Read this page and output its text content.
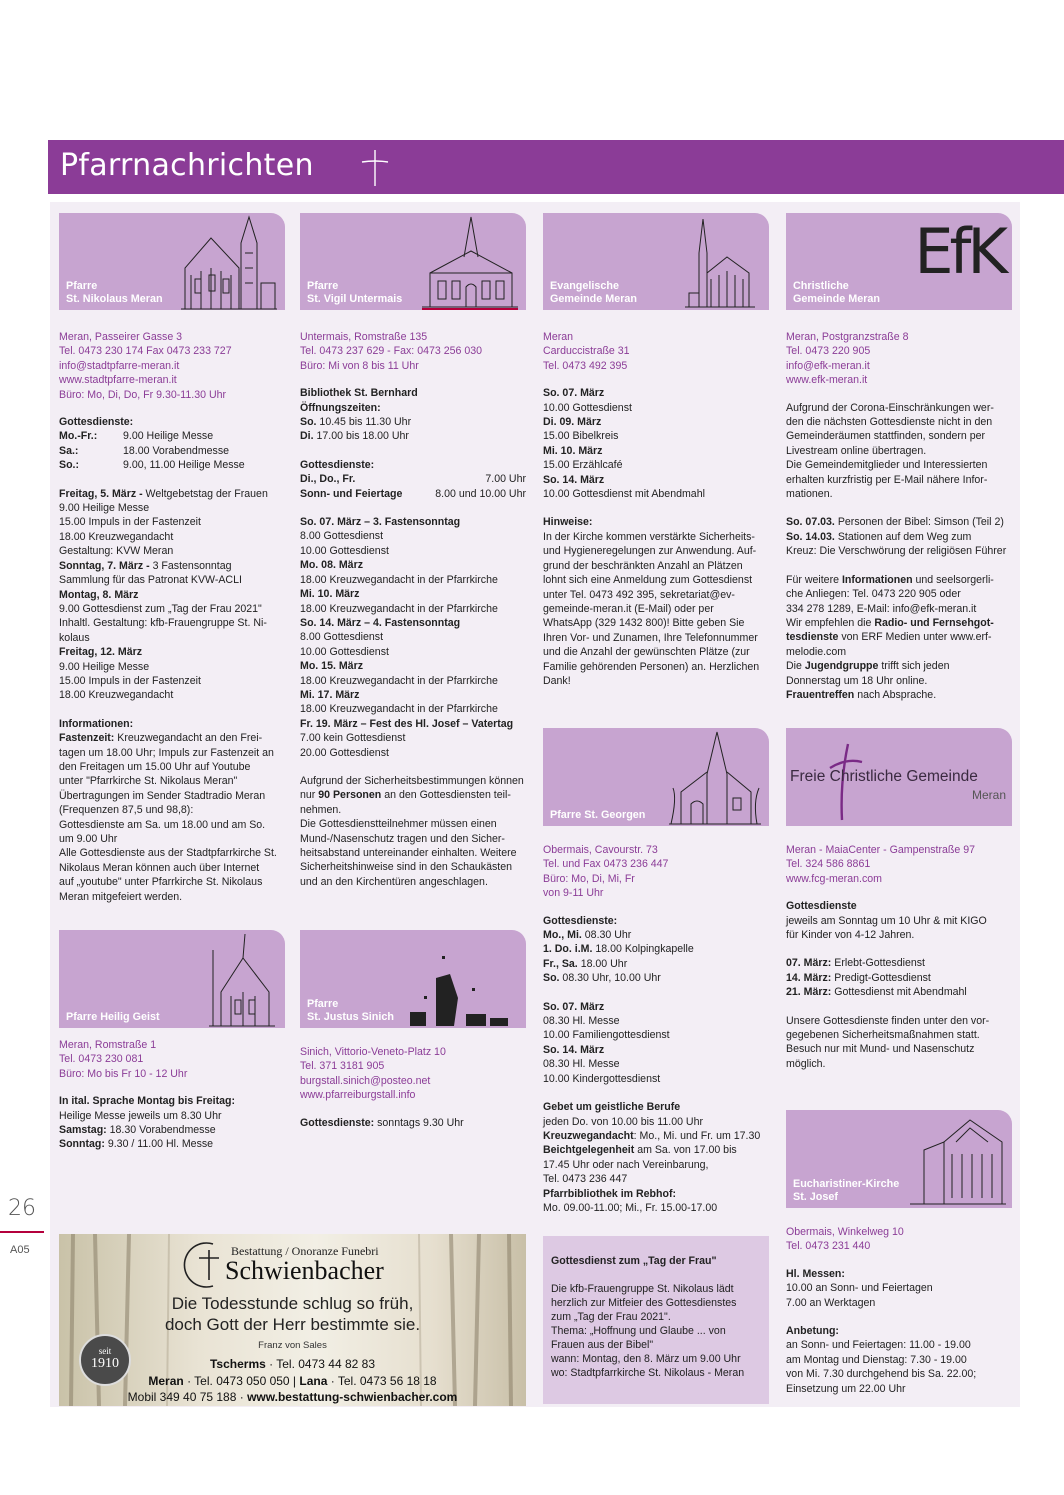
Pfarrnachrichten
Pfarre
St. Nikolaus Meran
Meran, Passeirer Gasse 3
Tel. 0473 230 174 Fax 0473 233 727
info@stadtpfarre-meran.it
www.stadtpfarre-meran.it
Büro: Mo, Di, Do, Fr 9.30-11.30 Uhr
Gottesdienste:
Mo.-Fr.:	9.00 Heilige Messe
Sa.:	18.00 Vorabendmesse
So.:	9.00, 11.00 Heilige Messe
Freitag, 5. März - Weltgebetstag der Frauen
9.00 Heilige Messe
15.00 Impuls in der Fastenzeit
18.00 Kreuzwegandacht
Gestaltung: KVW Meran
Sonntag, 7. März - 3 Fastensonntag
Sammlung für das Patronat KVW-ACLI
Montag, 8. März
9.00 Gottesdienst zum „Tag der Frau 2021"
Inhaltl. Gestaltung: kfb-Frauengruppe St. Ni-
kolaus
Freitag, 12. März
9.00 Heilige Messe
15.00 Impuls in der Fastenzeit
18.00 Kreuzwegandacht
Informationen:
Fastenzeit: Kreuzwegandacht an den Frei-
tagen um 18.00 Uhr; Impuls zur Fastenzeit an
den Freitagen um 15.00 Uhr auf Youtube
unter "Pfarrkirche St. Nikolaus Meran"
Übertragungen im Sender Stadtradio Meran
(Frequenzen 87,5 und 98,8):
Gottesdienste am Sa. um 18.00 und am So.
um 9.00 Uhr
Alle Gottesdienste aus der Stadtpfarrkirche St.
Nikolaus Meran können auch über Internet
auf „youtube" unter Pfarrkirche St. Nikolaus
Meran mitgefeiert werden.
Pfarre Heilig Geist
Meran, Romstraße 1
Tel. 0473 230 081
Büro: Mo bis Fr 10 - 12 Uhr
In ital. Sprache Montag bis Freitag:
Heilige Messe jeweils um 8.30 Uhr
Samstag: 18.30 Vorabendmesse
Sonntag: 9.30 / 11.00 Hl. Messe
Pfarre
St. Vigil Untermais
Untermais, Romstraße 135
Tel. 0473 237 629 - Fax: 0473 256 030
Büro: Mi von 8 bis 11 Uhr
Bibliothek St. Bernhard
Öffnungszeiten:
So. 10.45 bis 11.30 Uhr
Di. 17.00 bis 18.00 Uhr
Gottesdienste:
Di., Do., Fr.	7.00 Uhr
Sonn- und Feiertage	8.00 und 10.00 Uhr
So. 07. März – 3. Fastensonntag
8.00 Gottesdienst
10.00 Gottesdienst
Mo. 08. März
18.00 Kreuzwegandacht in der Pfarrkirche
Mi. 10. März
18.00 Kreuzwegandacht in der Pfarrkirche
So. 14. März – 4. Fastensonntag
8.00 Gottesdienst
10.00 Gottesdienst
Mo. 15. März
18.00 Kreuzwegandacht in der Pfarrkirche
Mi. 17. März
18.00 Kreuzwegandacht in der Pfarrkirche
Fr. 19. März – Fest des Hl. Josef – Vatertag
7.00 kein Gottesdienst
20.00 Gottesdienst
Aufgrund der Sicherheitsbestimmungen können
nur 90 Personen an den Gottesdiensten teil-
nehmen.
Die Gottesdienstteilnehmer müssen einen
Mund-/Nasenschutz tragen und den Sicher-
heitsabstand untereinander einhalten. Weitere
Sicherheitshinweise sind in den Schaukästen
und an den Kirchentüren angeschlagen.
Pfarre
St. Justus Sinich
Sinich, Vittorio-Veneto-Platz 10
Tel. 371 3181 905
burgstall.sinich@posteo.net
www.pfarreiburgstall.info
Gottesdienste: sonntags 9.30 Uhr
Evangelische
Gemeinde Meran
Meran
Carduccistraße 31
Tel. 0473 492 395
So. 07. März
10.00 Gottesdienst
Di. 09. März
15.00 Bibelkreis
Mi. 10. März
15.00 Erzählcafé
So. 14. März
10.00 Gottesdienst mit Abendmahl
Hinweise:
In der Kirche kommen verstärkte Sicherheits-
und Hygieneregelungen zur Anwendung. Auf-
grund der beschränkten Anzahl an Plätzen
lohnt sich eine Anmeldung zum Gottesdienst
unter Tel. 0473 492 395, sekretariat@ev-
gemeinde-meran.it (E-Mail) oder per
WhatsApp (329 1432 800)! Bitte geben Sie
Ihren Vor- und Zunamen, Ihre Telefonnummer
und die Anzahl der gewünschten Plätze (zur
Familie gehörenden Personen) an. Herzlichen
Dank!
Pfarre St. Georgen
Obermais, Cavourstr. 73
Tel. und Fax 0473 236 447
Büro: Mo, Di, Mi, Fr
von 9-11 Uhr
Gottesdienste:
Mo., Mi. 08.30 Uhr
1. Do. i.M. 18.00 Kolpingkapelle
Fr., Sa. 18.00 Uhr
So. 08.30 Uhr, 10.00 Uhr
So. 07. März
08.30 Hl. Messe
10.00 Familiengottesdienst
So. 14. März
08.30 Hl. Messe
10.00 Kindergottesdienst
Gebet um geistliche Berufe
jeden Do. von 10.00 bis 11.00 Uhr
Kreuzwegandacht: Mo., Mi. und Fr. um 17.30
Beichtgelegenheit am Sa. von 17.00 bis
17.45 Uhr oder nach Vereinbarung,
Tel. 0473 236 447
Pfarrbibliothek im Rebhof:
Mo. 09.00-11.00; Mi., Fr. 15.00-17.00
Gottesdienst zum „Tag der Frau"
Die kfb-Frauengruppe St. Nikolaus lädt
herzlich zur Mitfeier des Gottesdienstes
zum „Tag der Frau 2021".
Thema: „Hoffnung und Glaube ... von
Frauen aus der Bibel"
wann: Montag, den 8. März um 9.00 Uhr
wo: Stadtpfarrkirche St. Nikolaus - Meran
EfK
Christliche
Gemeinde Meran
Meran, Postgranzstraße 8
Tel. 0473 220 905
info@efk-meran.it
www.efk-meran.it
Aufgrund der Corona-Einschränkungen wer-
den die nächsten Gottesdienste nicht in den
Gemeinderäumen stattfinden, sondern per
Livestream online übertragen.
Die Gemeindemitglieder und Interessierten
erhalten kurzfristig per E-Mail nähere Infor-
mationen.
So. 07.03. Personen der Bibel: Simson (Teil 2)
So. 14.03. Stationen auf dem Weg zum
Kreuz: Die Verschwörung der religiösen Führer
Für weitere Informationen und seelsorgerli-
che Anliegen: Tel. 0473 220 905 oder
334 278 1289, E-Mail: info@efk-meran.it
Wir empfehlen die Radio- und Fernsehgot-
tesdienste von ERF Medien unter www.erf-
melodie.com
Die Jugendgruppe trifft sich jeden
Donnerstag um 18 Uhr online.
Frauentreffen nach Absprache.
Freie Christliche Gemeinde
Meran
Meran - MaiaCenter - Gampenstraße 97
Tel. 324 586 8861
www.fcg-meran.com
Gottesdienste
jeweils am Sonntag um 10 Uhr & mit KIGO
für Kinder von 4-12 Jahren.
07. März: Erlebt-Gottesdienst
14. März: Predigt-Gottesdienst
21. März: Gottesdienst mit Abendmahl
Unsere Gottesdienste finden unter den vor-
gegebenen Sicherheitsmaßnahmen statt.
Besuch nur mit Mund- und Nasenschutz
möglich.
Eucharistiner-Kirche
St. Josef
Obermais, Winkelweg 10
Tel. 0473 231 440
Hl. Messen:
10.00 an Sonn- und Feiertagen
7.00 an Werktagen
Anbetung:
an Sonn- und Feiertagen: 11.00 - 19.00
am Montag und Dienstag: 7.30 - 19.00
von Mi. 7.30 durchgehend bis Sa. 22.00;
Einsetzung um 22.00 Uhr
26
A05	Bestattung / Onoranze Funebri
Schwienbacher
Die Todesstunde schlug so früh,
doch Gott der Herr bestimmte sie.
Franz von Sales
seit
1910	Tscherms · Tel. 0473 44 82 83
Meran · Tel. 0473 050 050 | Lana · Tel. 0473 56 18 18
Mobil 349 40 75 188 · www.bestattung-schwienbacher.com
